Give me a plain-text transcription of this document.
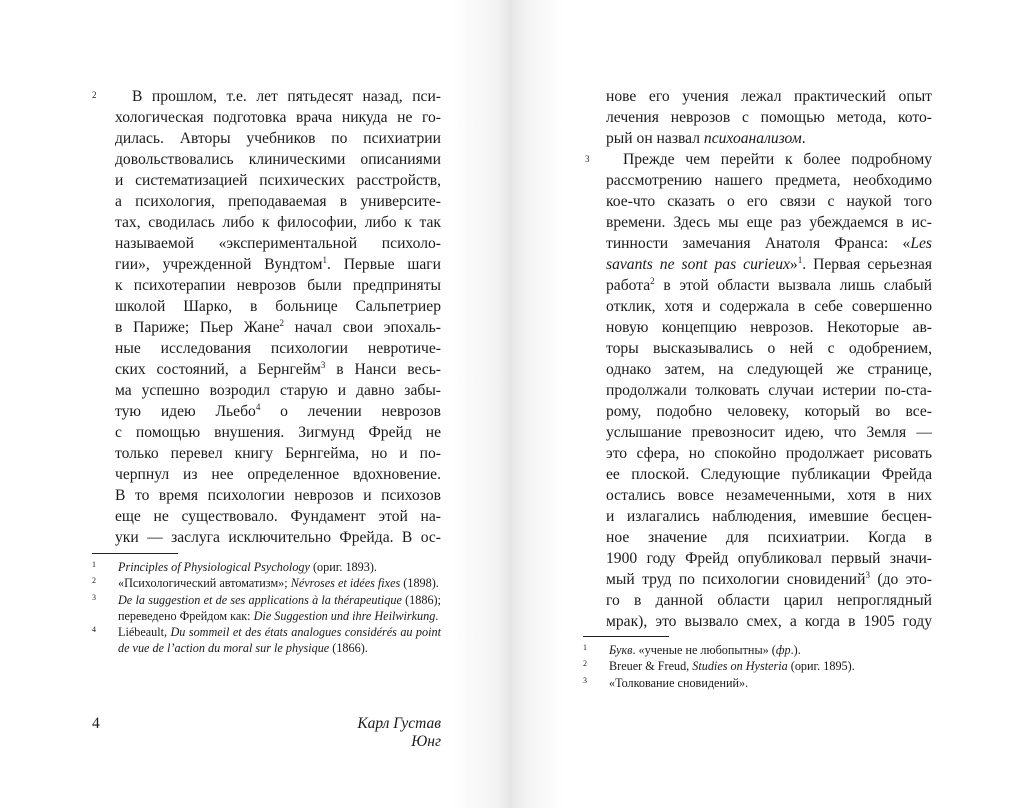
2	В прошлом, т.е. лет пятьдесят назад, пси-
хологическая подготовка врача никуда не го-
дилась. Авторы учебников по психиатрии
довольствовались клиническими описаниями
и систематизацией психических расстройств,
а психология, преподаваемая в университе-
тах, сводилась либо к философии, либо к так
называемой «экспериментальной психоло-
гии», учрежденной Вундтом$^1$. Первые шаги
к психотерапии неврозов были предприняты
школой Шарко, в больнице Сальпетриер
в Париже; Пьер Жане$^2$ начал свои эпохаль-
ные исследования психологии невротиче-
ских состояний, а Бернгейм$^3$ в Нанси весь-
ма успешно возродил старую и давно забы-
тую идею Льебо$^4$ о лечении неврозов
с помощью внушения. Зигмунд Фрейд не
только перевел книгу Бернгейма, но и по-
черпнул из нее определенное вдохновение.
В то время психологии неврозов и психозов
еще не существовало. Фундамент этой на-
уки — заслуга исключительно Фрейда. В ос-
1 Principles of Physiological Psychology (ориг. 1893).
2 «Психологический автоматизм»; Névroses et idées fixes (1898).
3 De la suggestion et de ses applications à la thérapeutique (1886); переведено Фрейдом как: Die Suggestion und ihre Heilwirkung.
4 Liébeault, Du sommeil et des états analogues considérés au point de vue de l’action du moral sur le physique (1866).
4	Карл Густав Юнг
3
нове его учения лежал практический опыт
лечения неврозов с помощью метода, кото-
рый он назвал психоанализом.
Прежде чем перейти к более подробному
рассмотрению нашего предмета, необходимо
кое-что сказать о его связи с наукой того
времени. Здесь мы еще раз убеждаемся в ис-
тинности замечания Анатоля Франса: «Les
savants ne sont pas curieux»$^1$. Первая серьезная
работа$^2$ в этой области вызвала лишь слабый
отклик, хотя и содержала в себе совершенно
новую концепцию неврозов. Некоторые ав-
торы высказывались о ней с одобрением,
однако затем, на следующей же странице,
продолжали толковать случаи истерии по-ста-
рому, подобно человеку, который во все-
услышание превозносит идею, что Земля —
это сфера, но спокойно продолжает рисовать
ее плоской. Следующие публикации Фрейда
остались вовсе незамеченными, хотя в них
и излагались наблюдения, имевшие бесцен-
ное значение для психиатрии. Когда в
1900 году Фрейд опубликовал первый значи-
мый труд по психологии сновидений$^3$ (до это-
го в данной области царил непроглядный
мрак), это вызвало смех, а когда в 1905 году
1 Букв. «ученые не любопытны» (фр.).
2 Breuer & Freud, Studies on Hysteria (ориг. 1895).
3 «Толкование сновидений».
